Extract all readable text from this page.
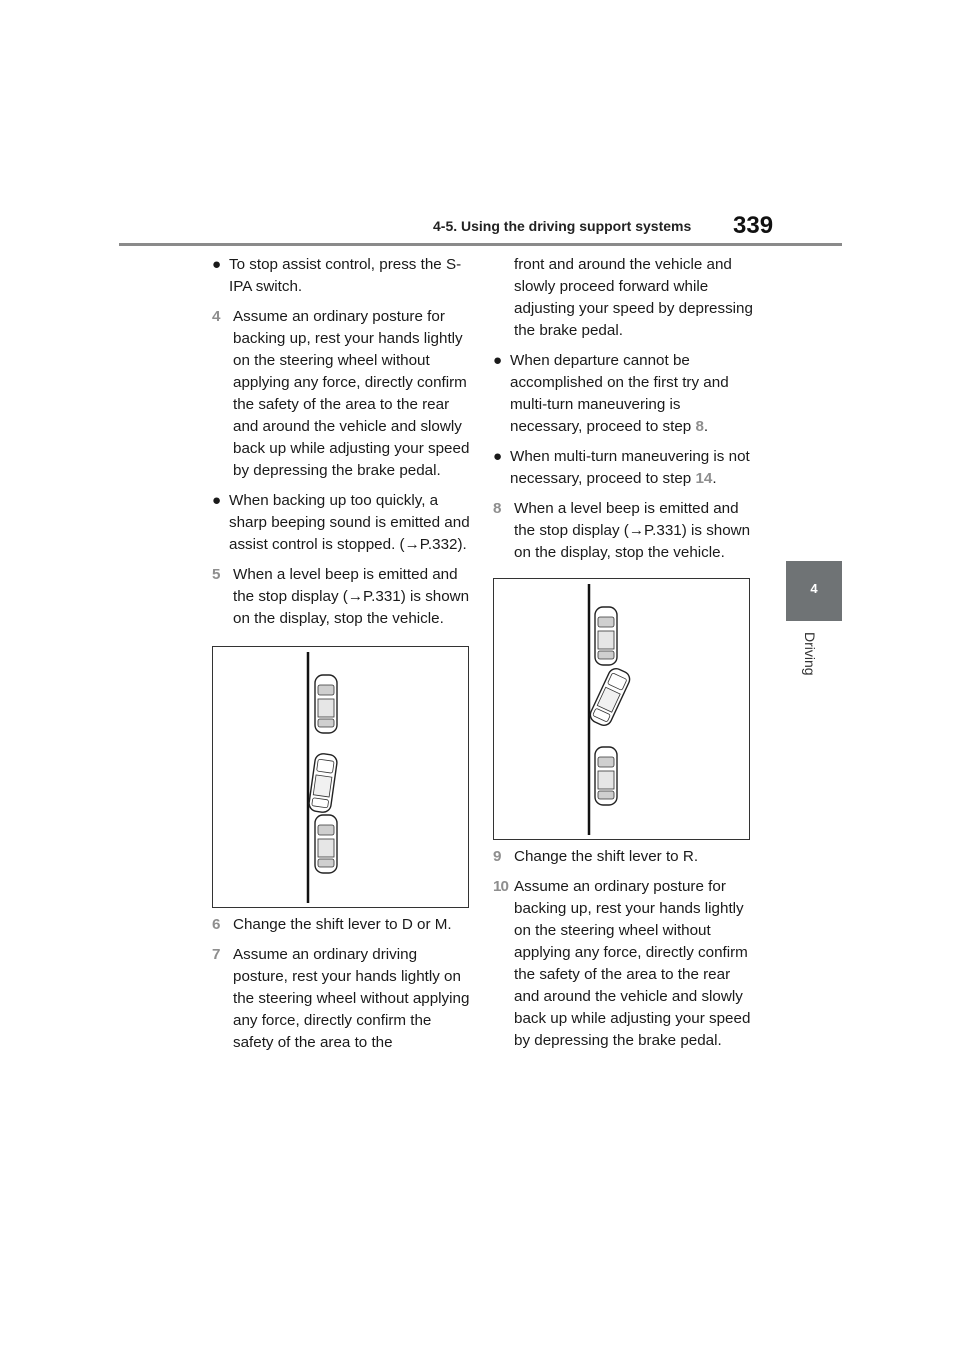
4-5. Using the driving support systems 339
4
Driving
● To stop assist control, press the S-IPA switch.
4 Assume an ordinary posture for backing up, rest your hands lightly on the steering wheel without applying any force, directly confirm the safety of the area to the rear and around the vehicle and slowly back up while adjusting your speed by depressing the brake pedal.
● When backing up too quickly, a sharp beeping sound is emitted and assist control is stopped. (→P.332).
5 When a level beep is emitted and the stop display (→P.331) is shown on the display, stop the vehicle.
6 Change the shift lever to D or M.
7 Assume an ordinary driving posture, rest your hands lightly on the steering wheel without applying any force, directly confirm the safety of the area to the
front and around the vehicle and slowly proceed forward while adjusting your speed by depressing the brake pedal.
● When departure cannot be accomplished on the first try and multi-turn maneuvering is necessary, proceed to step 8.
● When multi-turn maneuvering is not necessary, proceed to step 14.
8 When a level beep is emitted and the stop display (→P.331) is shown on the display, stop the vehicle.
9 Change the shift lever to R.
10 Assume an ordinary posture for backing up, rest your hands lightly on the steering wheel without applying any force, directly confirm the safety of the area to the rear and around the vehicle and slowly back up while adjusting your speed by depressing the brake pedal.
